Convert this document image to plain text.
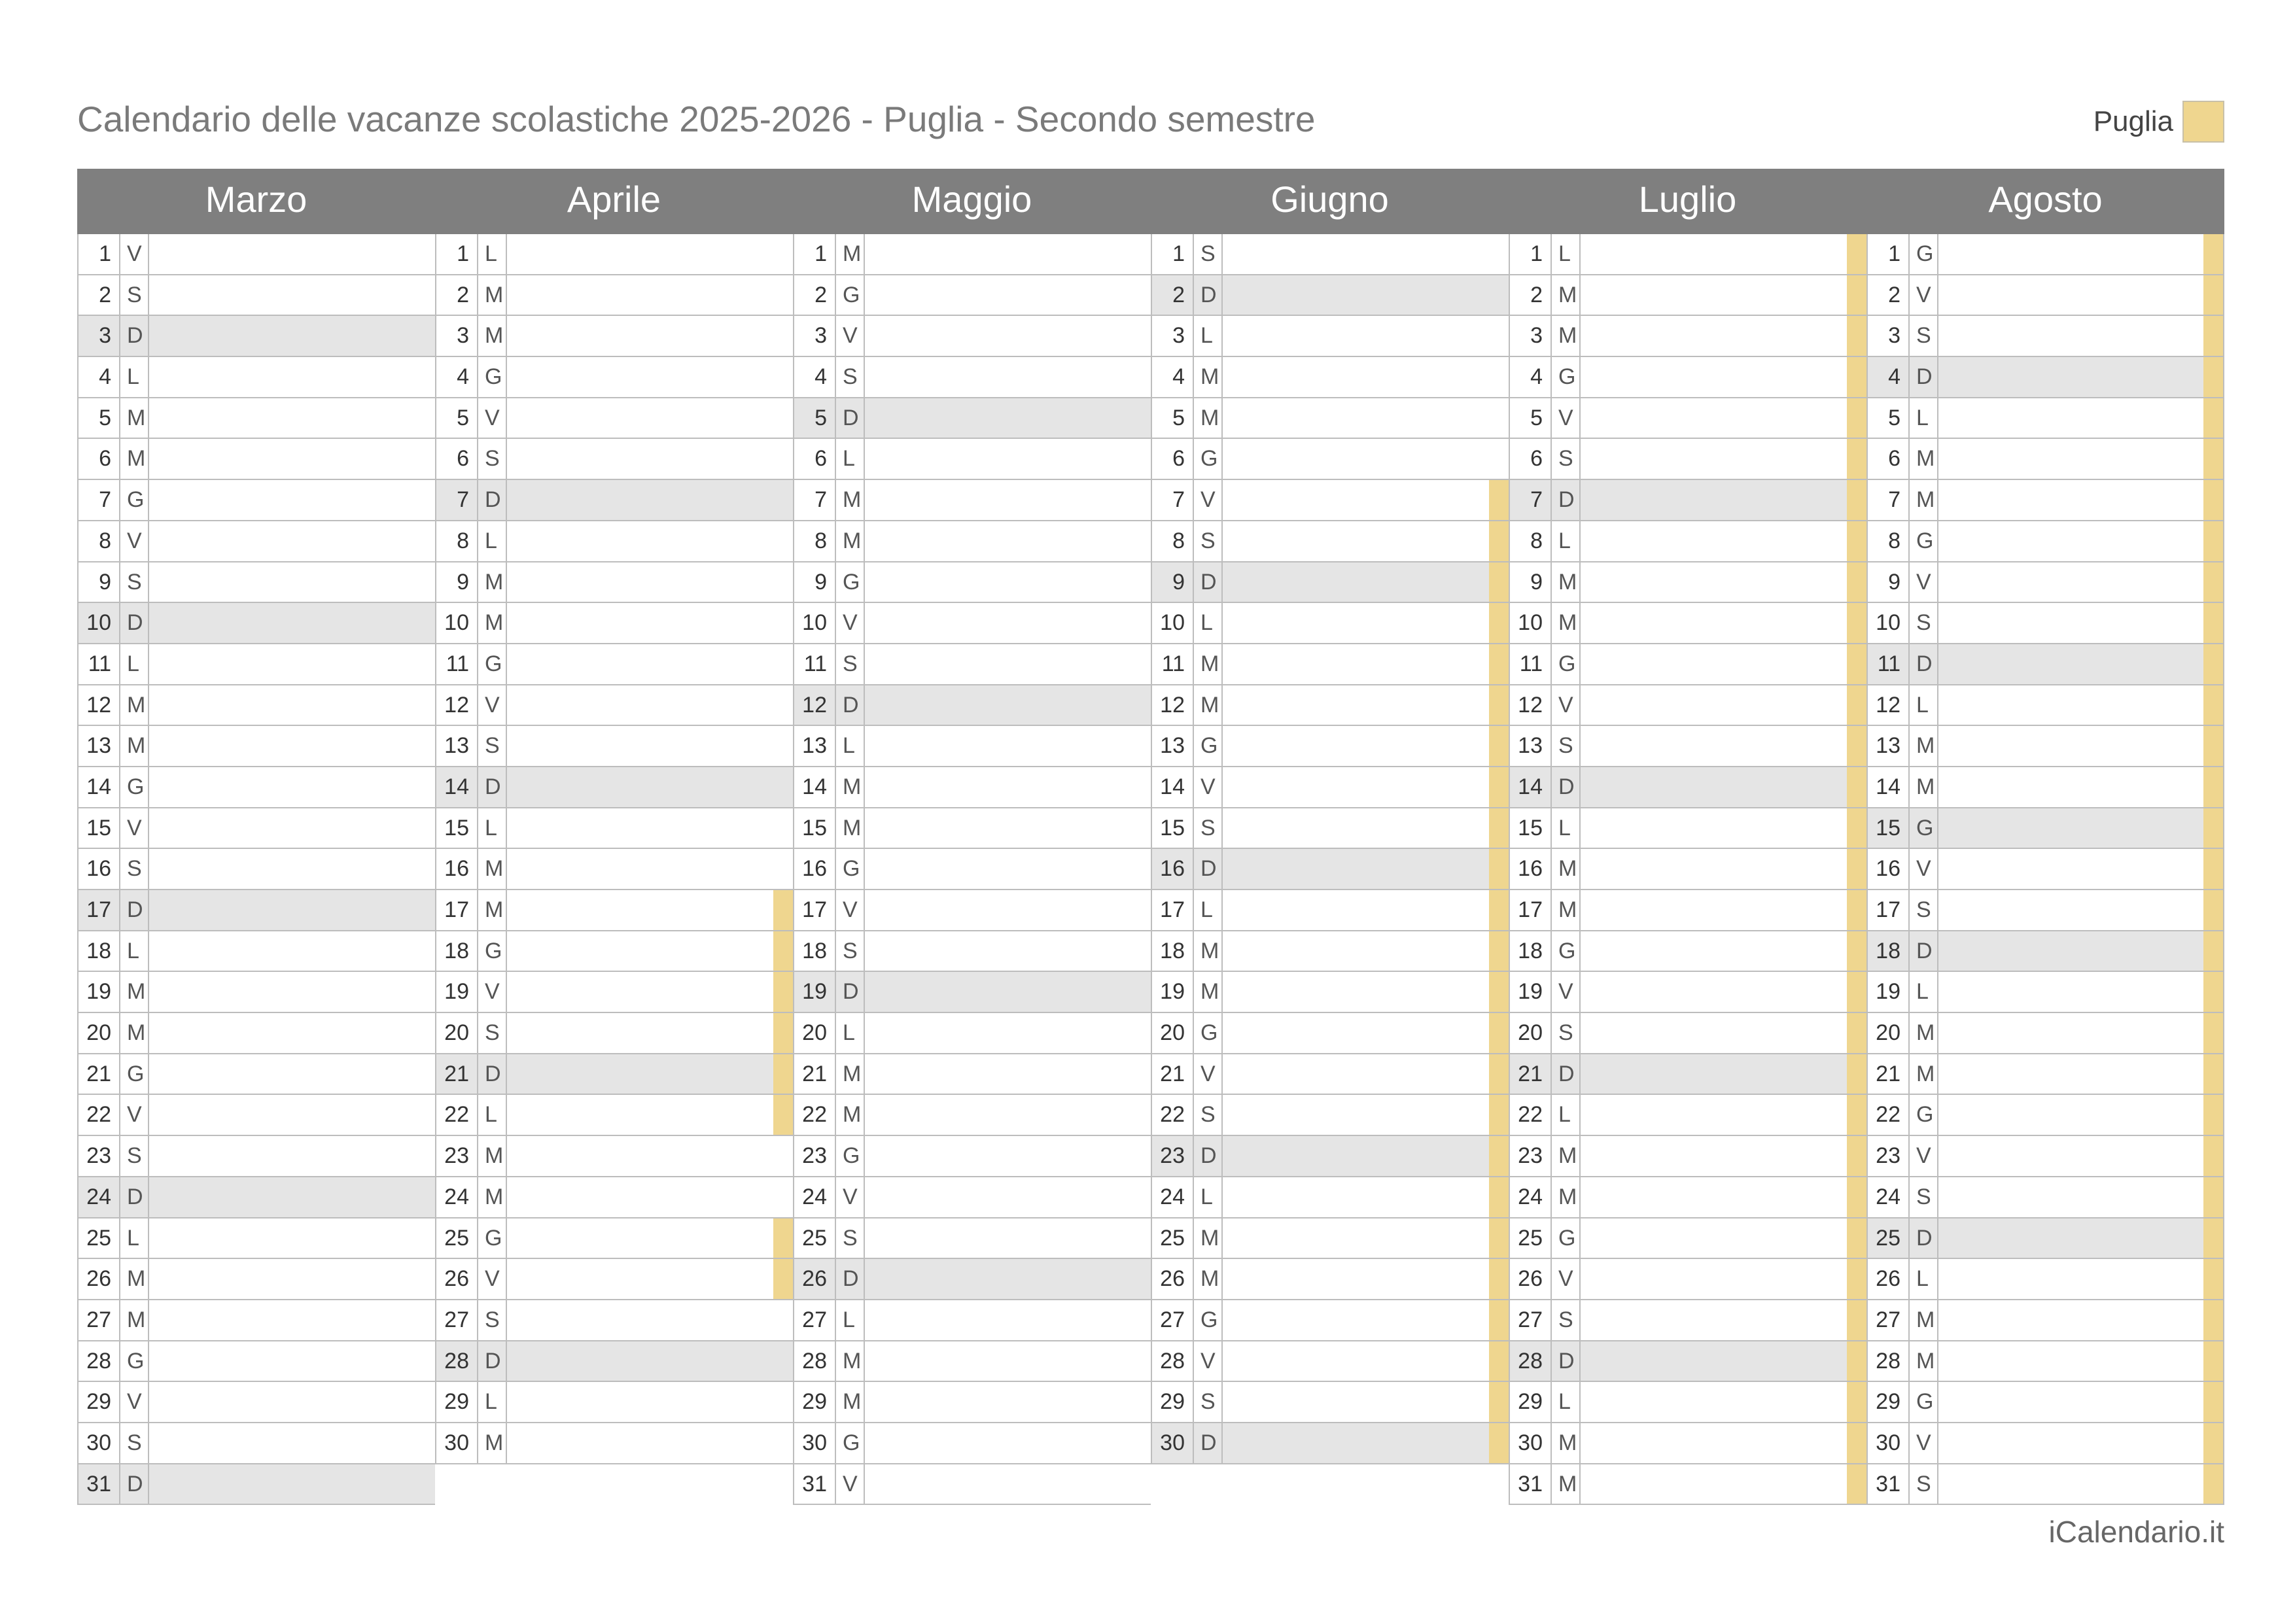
Calendario delle vacanze scolastiche 2025-2026 - Puglia - Secondo semestre	Puglia
Marzo
1 V
2 S
3 D
4 L
5 M
6 M
7 G
8 V
9 S
10 D
11 L
12 M
13 M
14 G
15 V
16 S
17 D
18 L
19 M
20 M
21 G
22 V
23 S
24 D
25 L
26 M
27 M
28 G
29 V
30 S
31 D
Aprile
1 L
2 M
3 M
4 G
5 V
6 S
7 D
8 L
9 M
10 M
11 G
12 V
13 S
14 D
15 L
16 M
17 M
18 G
19 V
20 S
21 D
22 L
23 M
24 M
25 G
26 V
27 S
28 D
29 L
30 M
Maggio
1 M
2 G
3 V
4 S
5 D
6 L
7 M
8 M
9 G
10 V
11 S
12 D
13 L
14 M
15 M
16 G
17 V
18 S
19 D
20 L
21 M
22 M
23 G
24 V
25 S
26 D
27 L
28 M
29 M
30 G
31 V
Giugno
1 S
2 D
3 L
4 M
5 M
6 G
7 V
8 S
9 D
10 L
11 M
12 M
13 G
14 V
15 S
16 D
17 L
18 M
19 M
20 G
21 V
22 S
23 D
24 L
25 M
26 M
27 G
28 V
29 S
30 D
Luglio
1 L
2 M
3 M
4 G
5 V
6 S
7 D
8 L
9 M
10 M
11 G
12 V
13 S
14 D
15 L
16 M
17 M
18 G
19 V
20 S
21 D
22 L
23 M
24 M
25 G
26 V
27 S
28 D
29 L
30 M
31 M
Agosto
1 G
2 V
3 S
4 D
5 L
6 M
7 M
8 G
9 V
10 S
11 D
12 L
13 M
14 M
15 G
16 V
17 S
18 D
19 L
20 M
21 M
22 G
23 V
24 S
25 D
26 L
27 M
28 M
29 G
30 V
31 S
iCalendario.it
